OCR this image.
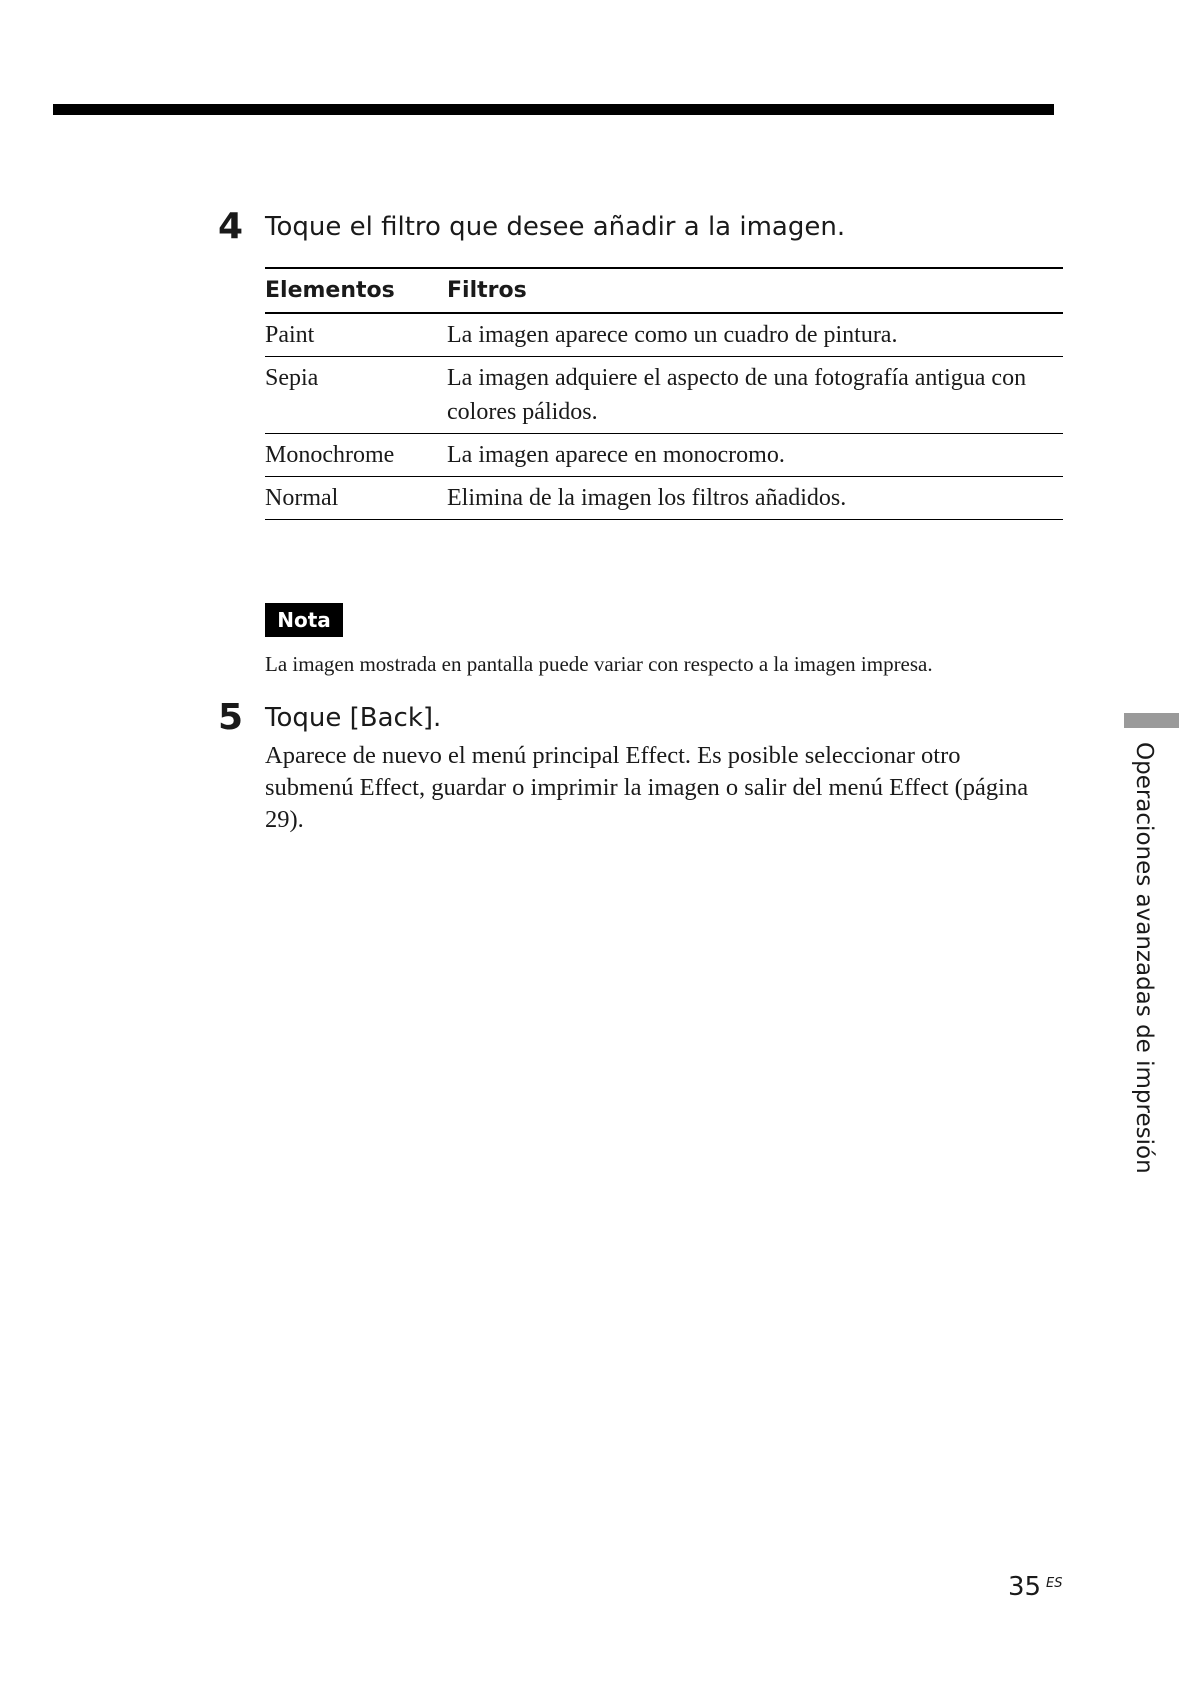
4 Toque el filtro que desee añadir a la imagen.
Elementos	Filtros
Paint	La imagen aparece como un cuadro de pintura.
Sepia	La imagen adquiere el aspecto de una fotografía antigua con colores pálidos.
Monochrome	La imagen aparece en monocromo.
Normal	Elimina de la imagen los filtros añadidos.
Nota
La imagen mostrada en pantalla puede variar con respecto a la imagen impresa.
5 Toque [Back].
Aparece de nuevo el menú principal Effect. Es posible seleccionar otro submenú Effect, guardar o imprimir la imagen o salir del menú Effect (página 29).	Operaciones avanzadas de impresión
35 ES
